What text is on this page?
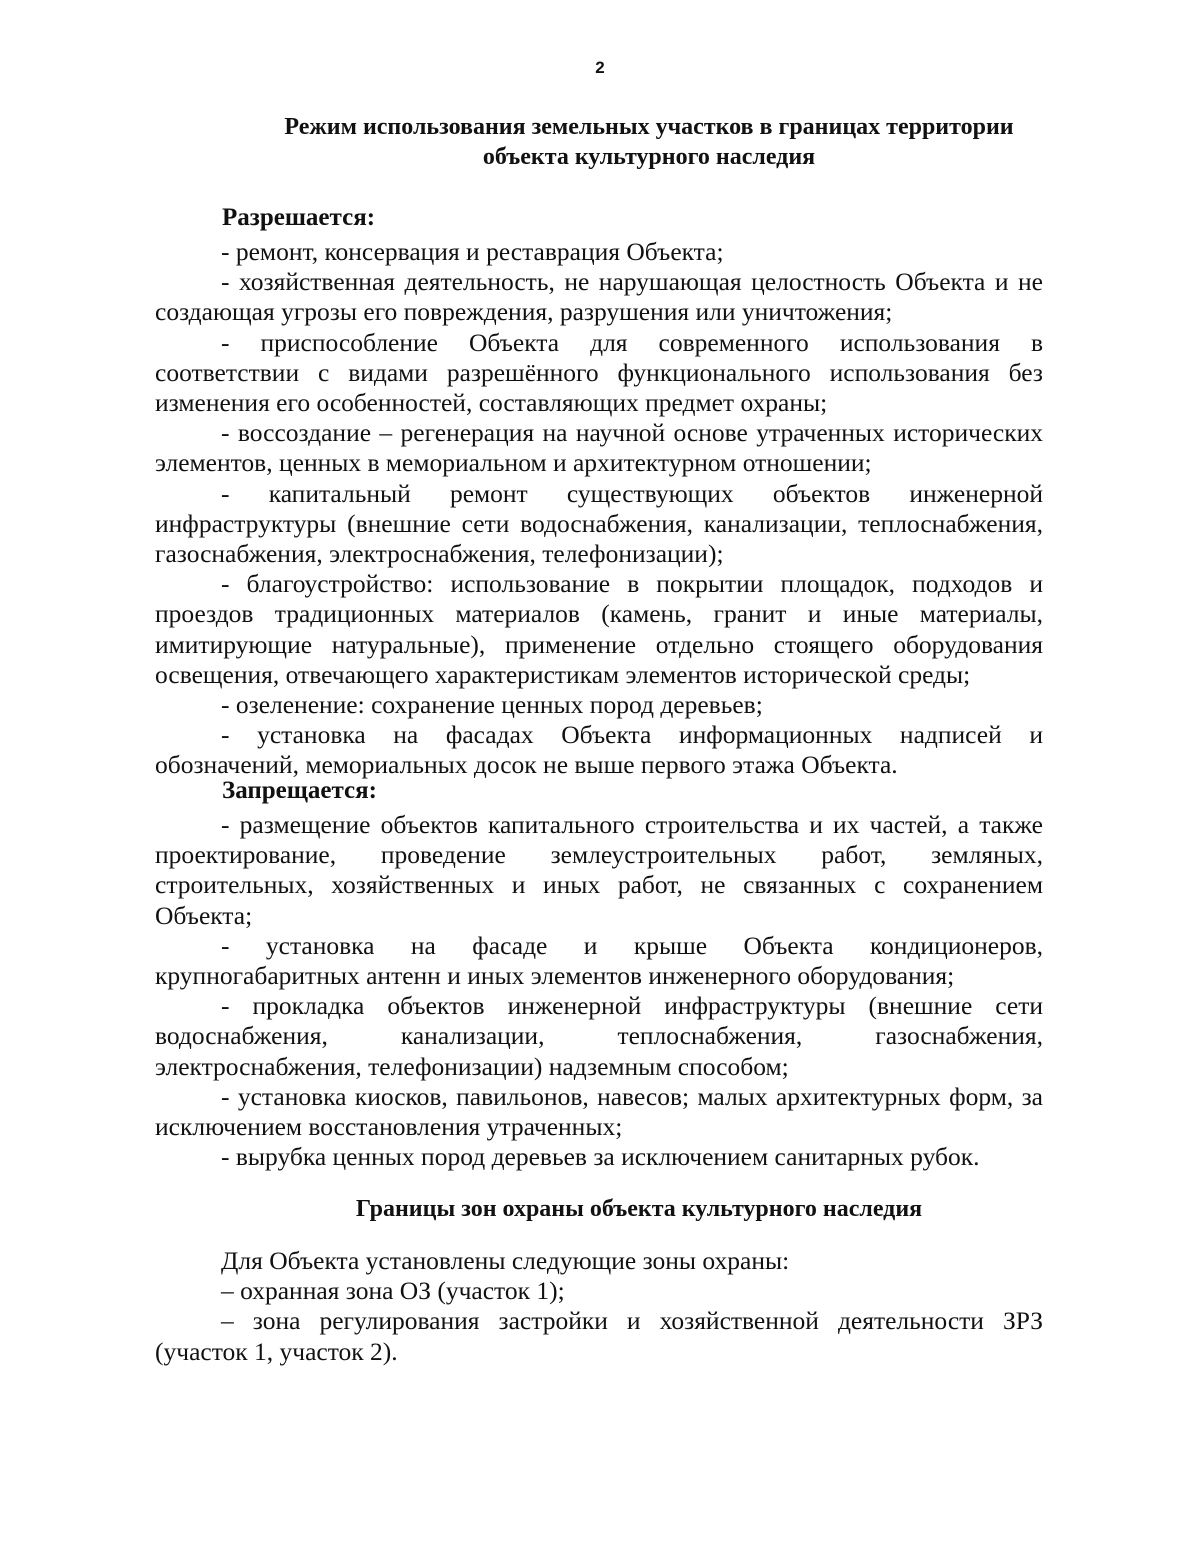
2
Режим использования земельных участков в границах территории
объекта культурного наследия
Разрешается:

- ремонт, консервация и реставрация Объекта;

- хозяйственная деятельность, не нарушающая целостность Объекта и не создающая угрозы его повреждения, разрушения или уничтожения;

- приспособление Объекта для современного использования в соответствии с видами разрешённого функционального использования без изменения его особенностей, составляющих предмет охраны;

- воссоздание – регенерация на научной основе утраченных исторических элементов, ценных в мемориальном и архитектурном отношении;

- капитальный ремонт существующих объектов инженерной инфраструктуры (внешние сети водоснабжения, канализации, теплоснабжения, газоснабжения, электроснабжения, телефонизации);

- благоустройство: использование в покрытии площадок, подходов и проездов традиционных материалов (камень, гранит и иные материалы, имитирующие натуральные), применение отдельно стоящего оборудования освещения, отвечающего характеристикам элементов исторической среды;

- озеленение: сохранение ценных пород деревьев;

- установка на фасадах Объекта информационных надписей и обозначений, мемориальных досок не выше первого этажа Объекта.

Запрещается:

- размещение объектов капитального строительства и их частей, а также проектирование, проведение землеустроительных работ, земляных, строительных, хозяйственных и иных работ, не связанных с сохранением Объекта;

- установка на фасаде и крыше Объекта кондиционеров, крупногабаритных антенн и иных элементов инженерного оборудования;

- прокладка объектов инженерной инфраструктуры (внешние сети водоснабжения, канализации, теплоснабжения, газоснабжения, электроснабжения, телефонизации) надземным способом;

- установка киосков, павильонов, навесов; малых архитектурных форм, за исключением восстановления утраченных;

- вырубка ценных пород деревьев за исключением санитарных рубок.

Границы зон охраны объекта культурного наследия

Для Объекта установлены следующие зоны охраны:

– охранная зона ОЗ (участок 1);

– зона регулирования застройки и хозяйственной деятельности ЗРЗ (участок 1, участок 2).
